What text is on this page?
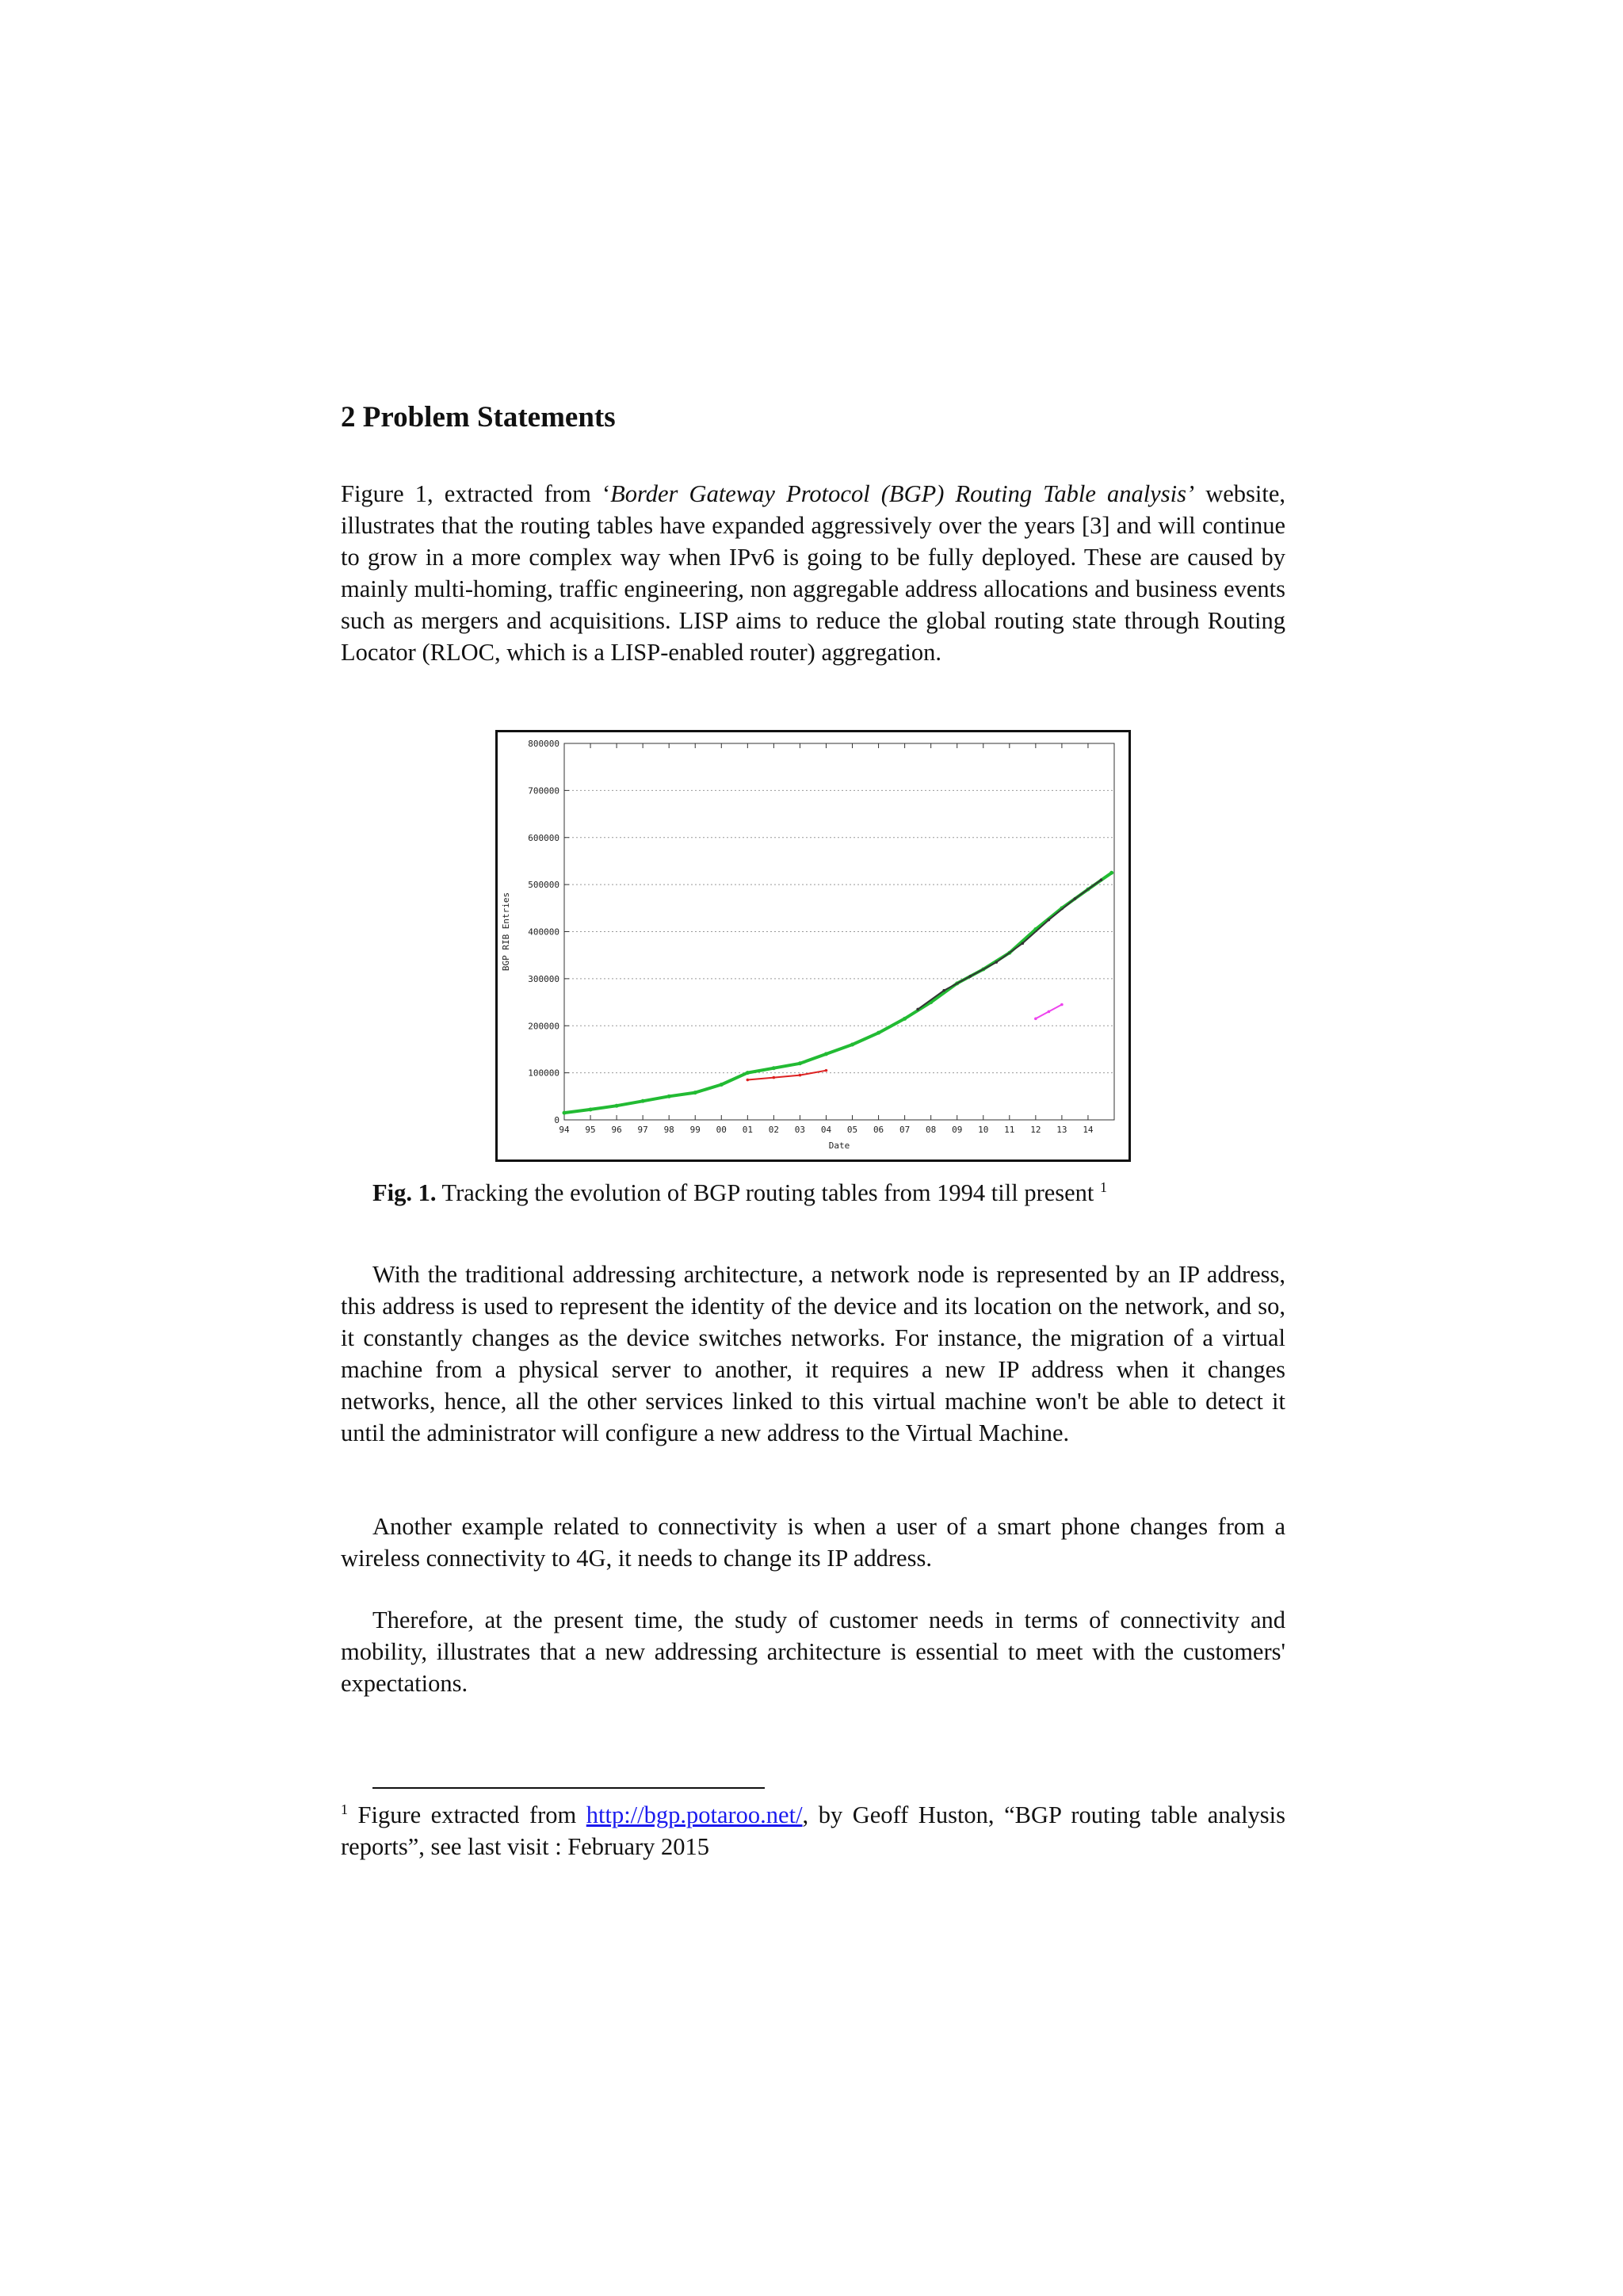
2 Problem Statements

Figure 1, extracted from ‘Border Gateway Protocol (BGP) Routing Table analysis’ website, illustrates that the routing tables have expanded aggressively over the years [3] and will continue to grow in a more complex way when IPv6 is going to be fully deployed. These are caused by mainly multi-homing, traffic engineering, non aggregable address allocations and business events such as mergers and acquisitions. LISP aims to reduce the global routing state through Routing Locator (RLOC, which is a LISP-enabled router) aggregation.

0
100000
200000
300000
400000
500000
600000
700000
800000
94 95 96 97 98 99 00 01 02 03 04 05 06 07 08 09 10 11 12 13 14
Date
BGP RIB Entries

Fig. 1. Tracking the evolution of BGP routing tables from 1994 till present $^1$

With the traditional addressing architecture, a network node is represented by an IP address, this address is used to represent the identity of the device and its location on the network, and so, it constantly changes as the device switches networks. For instance, the migration of a virtual machine from a physical server to another, it requires a new IP address when it changes networks, hence, all the other services linked to this virtual machine won't be able to detect it until the administrator will configure a new address to the Virtual Machine.

Another example related to connectivity is when a user of a smart phone changes from a wireless connectivity to 4G, it needs to change its IP address.

Therefore, at the present time, the study of customer needs in terms of connectivity and mobility, illustrates that a new addressing architecture is essential to meet with the customers' expectations.

$^1$ Figure extracted from http://bgp.potaroo.net/, by Geoff Huston, “BGP routing table analysis reports”, see last visit : February 2015
